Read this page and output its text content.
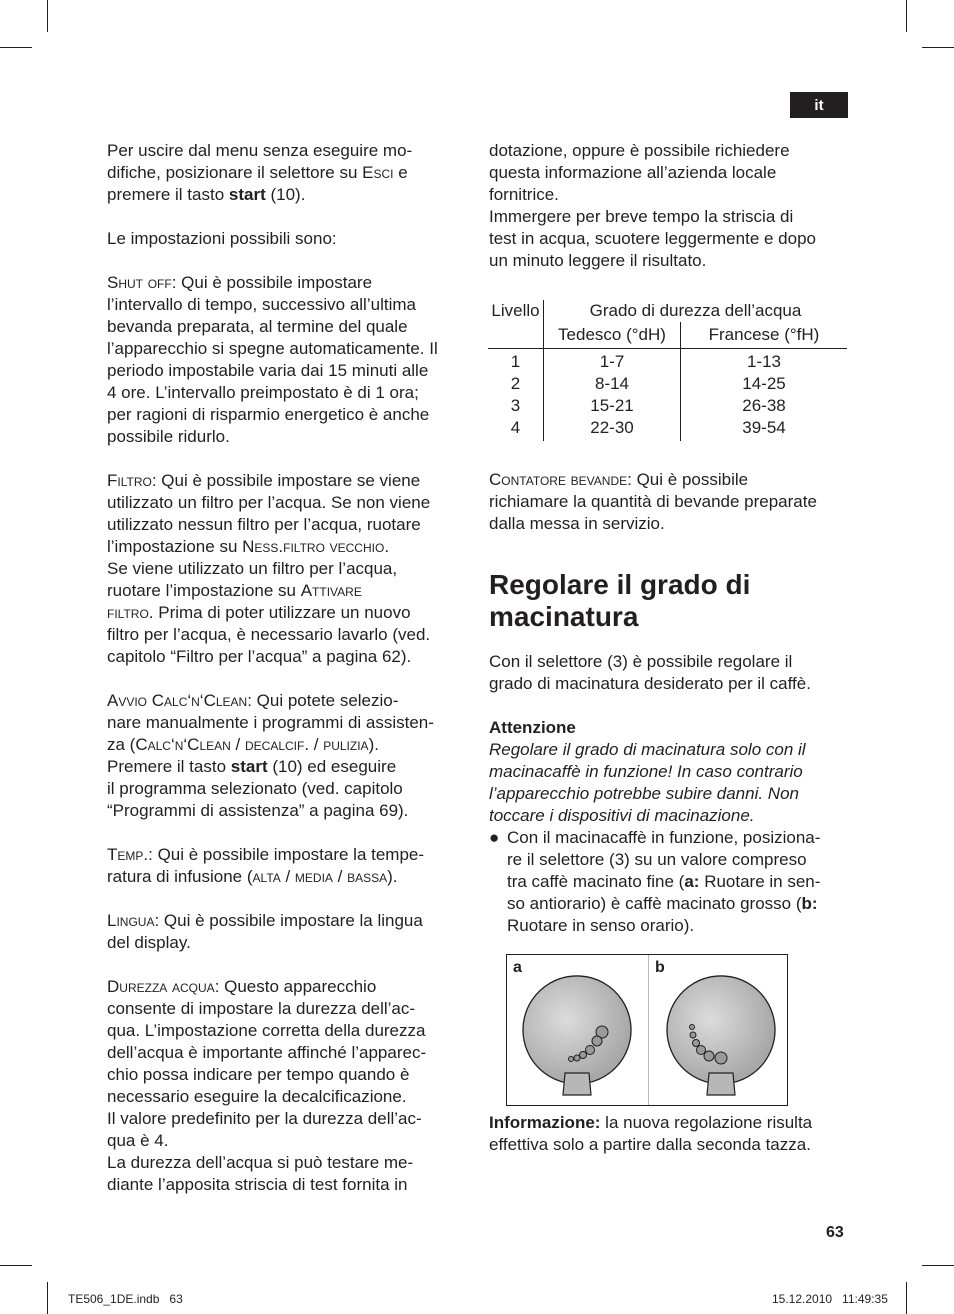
it

Per uscire dal menu senza eseguire mo-
difiche, posizionare il selettore su Esci e
premere il tasto start (10).

Le impostazioni possibili sono:

Shut off: Qui è possibile impostare
l’intervallo di tempo, successivo all’ultima
bevanda preparata, al termine del quale
l’apparecchio si spegne automaticamente. Il
periodo impostabile varia dai 15 minuti alle
4 ore. L’intervallo preimpostato è di 1 ora;
per ragioni di risparmio energetico è anche
possibile ridurlo.

Filtro: Qui è possibile impostare se viene
utilizzato un filtro per l’acqua. Se non viene
utilizzato nessun filtro per l’acqua, ruotare
l’impostazione su Ness.filtro vecchio.
Se viene utilizzato un filtro per l’acqua,
ruotare l’impostazione su Attivare
filtro. Prima di poter utilizzare un nuovo
filtro per l’acqua, è necessario lavarlo (ved.
capitolo “Filtro per l’acqua” a pagina 62).

Avvio Calc‘n‘Clean: Qui potete selezio-
nare manualmente i programmi di assisten-
za (Calc‘n‘Clean / decalcif. / pulizia).
Premere il tasto start (10) ed eseguire
il programma selezionato (ved. capitolo
“Programmi di assistenza” a pagina 69).

Temp.: Qui è possibile impostare la tempe-
ratura di infusione (alta / media / bassa).

Lingua: Qui è possibile impostare la lingua
del display.

Durezza acqua: Questo apparecchio
consente di impostare la durezza dell’ac-
qua. L’impostazione corretta della durezza
dell’acqua è importante affinché l’apparec-
chio possa indicare per tempo quando è
necessario eseguire la decalcificazione.
Il valore predefinito per la durezza dell’ac-
qua è 4.
La durezza dell’acqua si può testare me-
diante l’apposita striscia di test fornita in

dotazione, oppure è possibile richiedere
questa informazione all’azienda locale
fornitrice.
Immergere per breve tempo la striscia di
test in acqua, scuotere leggermente e dopo
un minuto leggere il risultato.

Livello	Grado di durezza dell’acqua	
	Tedesco (°dH)	Francese (°fH)
1	1-7	1-13
2	8-14	14-25
3	15-21	26-38
4	22-30	39-54

Contatore bevande: Qui è possibile
richiamare la quantità di bevande preparate
dalla messa in servizio.

Regolare il grado di
macinatura

Con il selettore (3) è possibile regolare il
grado di macinatura desiderato per il caffè.

Attenzione

Regolare il grado di macinatura solo con il
macinacaffè in funzione! In caso contrario
l’apparecchio potrebbe subire danni. Non
toccare i dispositivi di macinazione.

● Con il macinacaffè in funzione, posiziona-
re il selettore (3) su un valore compreso
tra caffè macinato fine (a: Ruotare in sen-
so antiorario) è caffè macinato grosso (b:
Ruotare in senso orario).

a	b

Informazione: la nuova regolazione risulta
effettiva solo a partire dalla seconda tazza.

63
TE506_1DE.indb   63	15.12.2010   11:49:35
